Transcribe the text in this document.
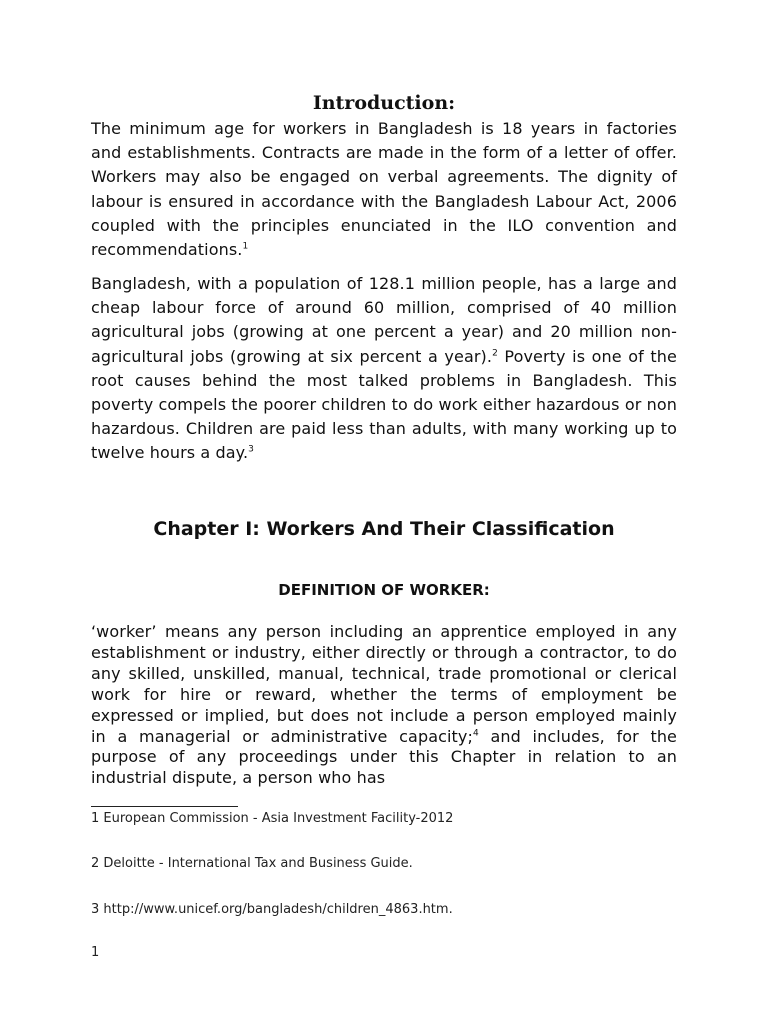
Introduction:

The minimum age for workers in Bangladesh is 18 years in factories and establishments. Contracts are made in the form of a letter of offer. Workers may also be engaged on verbal agreements. The dignity of labour is ensured in accordance with the Bangladesh Labour Act, 2006 coupled with the principles enunciated in the ILO convention and recommendations.$^1$

Bangladesh, with a population of 128.1 million people, has a large and cheap labour force of around 60 million, comprised of 40 million agricultural jobs (growing at one percent a year) and 20 million non-agricultural jobs (growing at six percent a year).$^2$ Poverty is one of the root causes behind the most talked problems in Bangladesh. This poverty compels the poorer children to do work either hazardous or non hazardous. Children are paid less than adults, with many working up to twelve hours a day.$^3$

Chapter I: Workers And Their Classification
DEFINITION OF WORKER:

‘worker’ means any person including an apprentice employed in any establishment or industry, either directly or through a contractor, to do any skilled, unskilled, manual, technical, trade promotional or clerical work for hire or reward, whether the terms of employment be expressed or implied, but does not include a person employed mainly in a managerial or administrative capacity;$^4$ and includes, for the purpose of any proceedings under this Chapter in relation to an industrial dispute, a person who has

1 European Commission - Asia Investment Facility-2012

2 Deloitte - International Tax and Business Guide.

3 http://www.unicef.org/bangladesh/children_4863.htm.

1
